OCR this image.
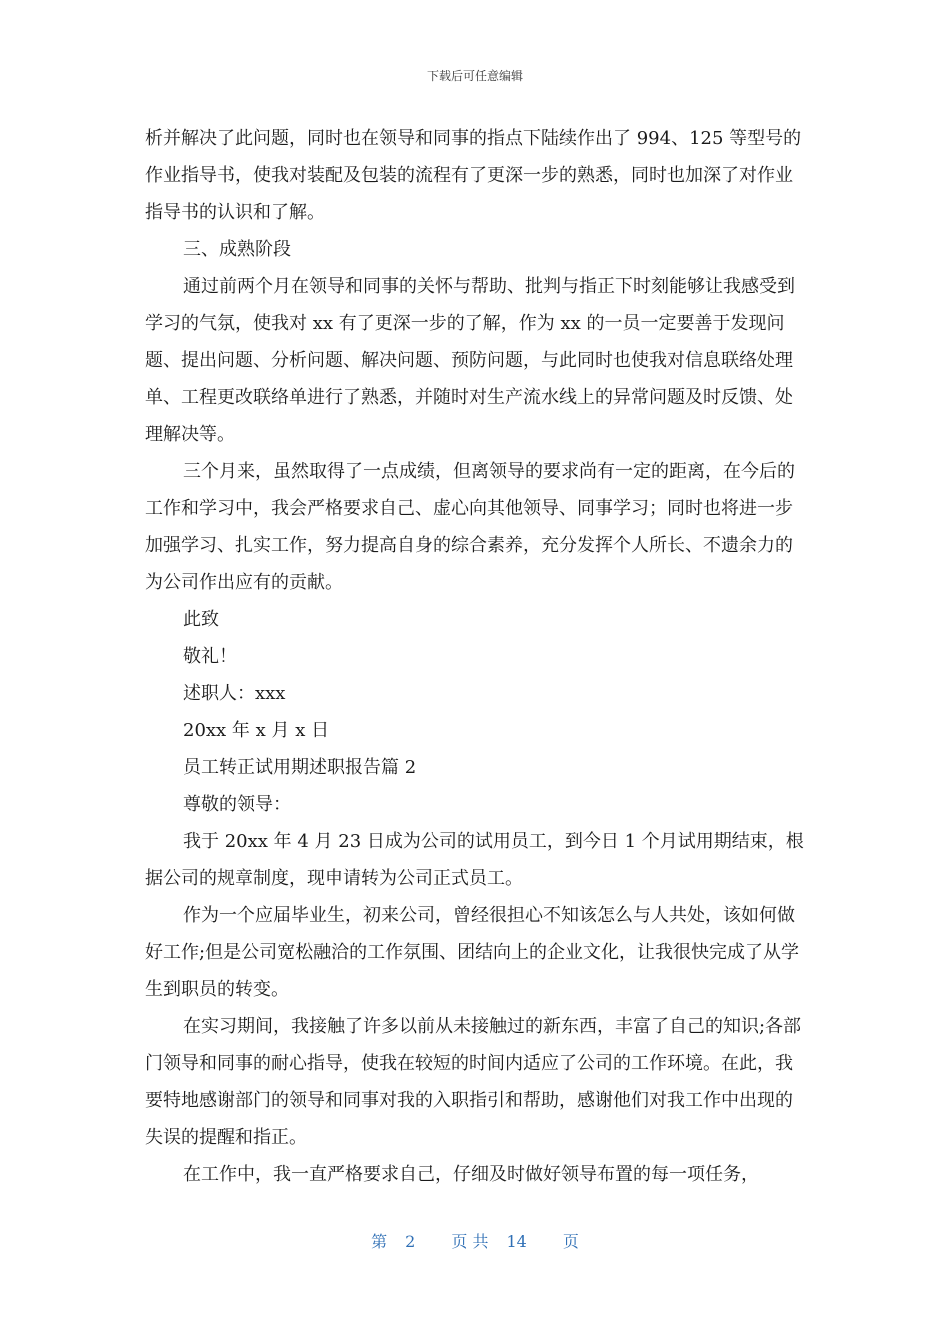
下载后可任意编辑

析并解决了此问题，同时也在领导和同事的指点下陆续作出了 994、125 等型号的作业指导书，使我对装配及包装的流程有了更深一步的熟悉，同时也加深了对作业指导书的认识和了解。

三、成熟阶段

通过前两个月在领导和同事的关怀与帮助、批判与指正下时刻能够让我感受到学习的气氛，使我对 xx 有了更深一步的了解，作为 xx 的一员一定要善于发现问题、提出问题、分析问题、解决问题、预防问题，与此同时也使我对信息联络处理单、工程更改联络单进行了熟悉，并随时对生产流水线上的异常问题及时反馈、处理解决等。

三个月来，虽然取得了一点成绩，但离领导的要求尚有一定的距离，在今后的工作和学习中，我会严格要求自己、虚心向其他领导、同事学习；同时也将进一步加强学习、扎实工作，努力提高自身的综合素养，充分发挥个人所长、不遗余力的为公司作出应有的贡献。

此致

敬礼！

述职人：xxx

20xx 年 x 月 x 日

员工转正试用期述职报告篇 2

尊敬的领导：

我于 20xx 年 4 月 23 日成为公司的试用员工，到今日 1 个月试用期结束，根据公司的规章制度，现申请转为公司正式员工。

作为一个应届毕业生，初来公司，曾经很担心不知该怎么与人共处，该如何做好工作;但是公司宽松融洽的工作氛围、团结向上的企业文化，让我很快完成了从学生到职员的转变。

在实习期间，我接触了许多以前从未接触过的新东西，丰富了自己的知识;各部门领导和同事的耐心指导，使我在较短的时间内适应了公司的工作环境。在此，我要特地感谢部门的领导和同事对我的入职指引和帮助，感谢他们对我工作中出现的失误的提醒和指正。

在工作中，我一直严格要求自己，仔细及时做好领导布置的每一项任务，

第 2 页 共 14 页
